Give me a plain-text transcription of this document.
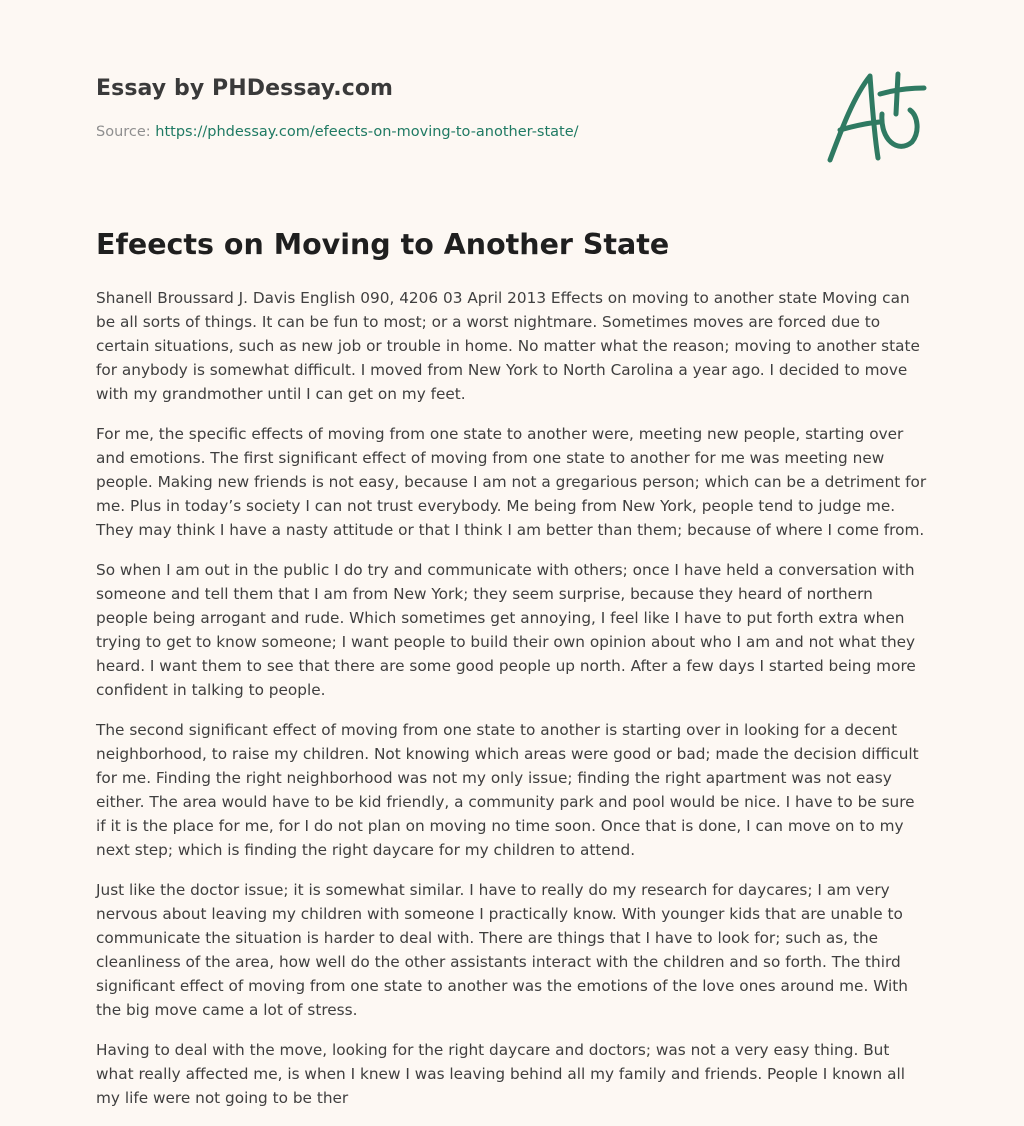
Essay by PHDessay.com
Source: https://phdessay.com/efeects-on-moving-to-another-state/
Efeects on Moving to Another State

Shanell Broussard J. Davis English 090, 4206 03 April 2013 Effects on moving to another state Moving can be all sorts of things. It can be fun to most; or a worst nightmare. Sometimes moves are forced due to certain situations, such as new job or trouble in home. No matter what the reason; moving to another state for anybody is somewhat difficult. I moved from New York to North Carolina a year ago. I decided to move with my grandmother until I can get on my feet.

For me, the specific effects of moving from one state to another were, meeting new people, starting over and emotions. The first significant effect of moving from one state to another for me was meeting new people. Making new friends is not easy, because I am not a gregarious person; which can be a detriment for me. Plus in today’s society I can not trust everybody. Me being from New York, people tend to judge me. They may think I have a nasty attitude or that I think I am better than them; because of where I come from.

So when I am out in the public I do try and communicate with others; once I have held a conversation with someone and tell them that I am from New York; they seem surprise, because they heard of northern people being arrogant and rude. Which sometimes get annoying, I feel like I have to put forth extra when trying to get to know someone; I want people to build their own opinion about who I am and not what they heard. I want them to see that there are some good people up north. After a few days I started being more confident in talking to people.

The second significant effect of moving from one state to another is starting over in looking for a decent neighborhood, to raise my children. Not knowing which areas were good or bad; made the decision difficult for me. Finding the right neighborhood was not my only issue; finding the right apartment was not easy either. The area would have to be kid friendly, a community park and pool would be nice. I have to be sure if it is the place for me, for I do not plan on moving no time soon. Once that is done, I can move on to my next step; which is finding the right daycare for my children to attend.

Just like the doctor issue; it is somewhat similar. I have to really do my research for daycares; I am very nervous about leaving my children with someone I practically know. With younger kids that are unable to communicate the situation is harder to deal with. There are things that I have to look for; such as, the cleanliness of the area, how well do the other assistants interact with the children and so forth. The third significant effect of moving from one state to another was the emotions of the love ones around me. With the big move came a lot of stress.

Having to deal with the move, looking for the right daycare and doctors; was not a very easy thing. But what really affected me, is when I knew I was leaving behind all my family and friends. People I known all my life were not going to be ther
